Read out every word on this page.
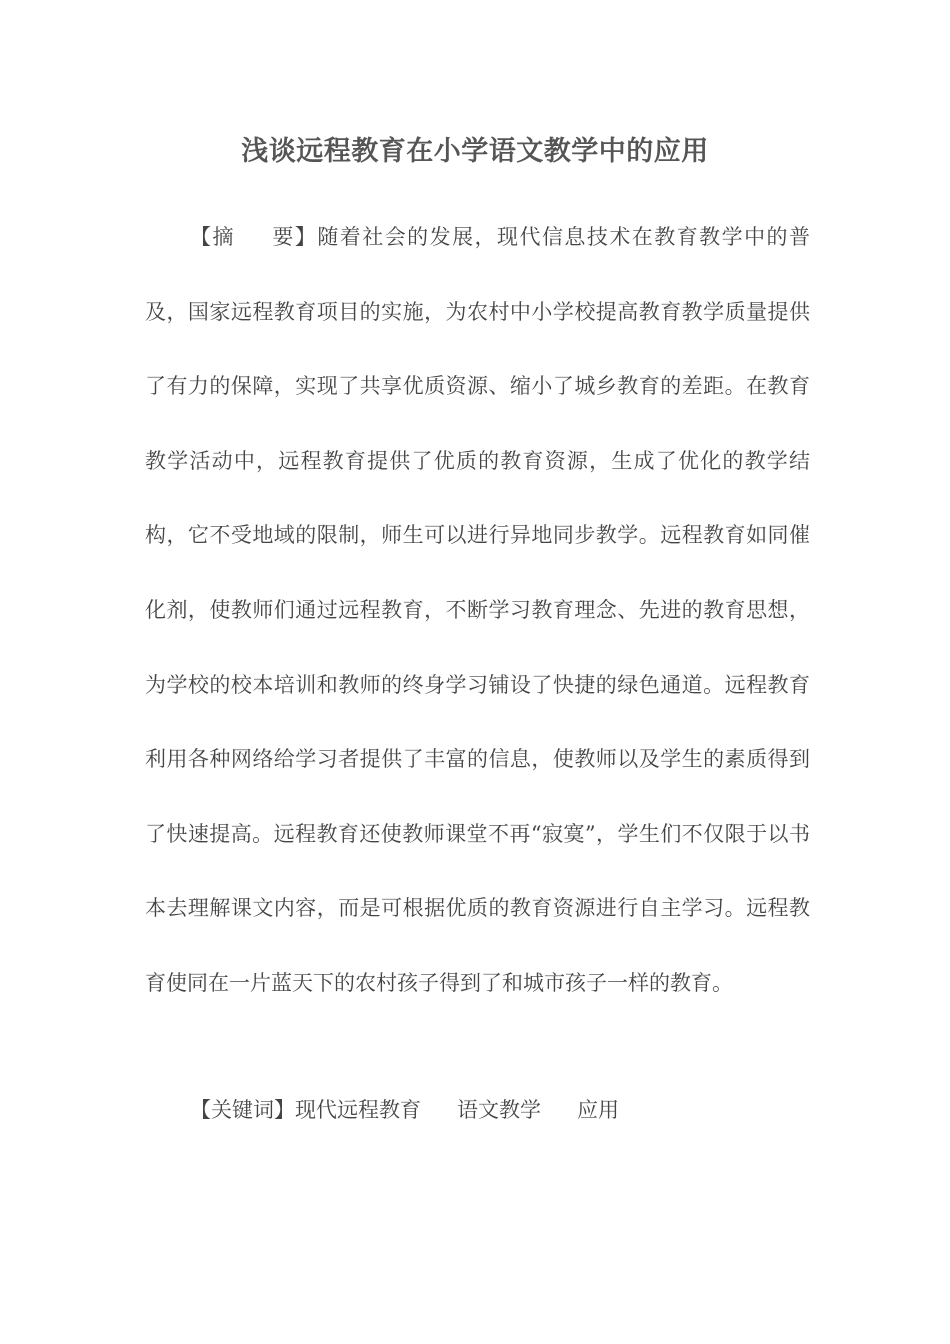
浅谈远程教育在小学语文教学中的应用
【摘 要】随着社会的发展，现代信息技术在教育教学中的普及，国家远程教育项目的实施，为农村中小学校提高教育教学质量提供了有力的保障，实现了共享优质资源、缩小了城乡教育的差距。在教育教学活动中，远程教育提供了优质的教育资源，生成了优化的教学结构，它不受地域的限制，师生可以进行异地同步教学。远程教育如同催化剂，使教师们通过远程教育，不断学习教育理念、先进的教育思想，为学校的校本培训和教师的终身学习铺设了快捷的绿色通道。远程教育利用各种网络给学习者提供了丰富的信息，使教师以及学生的素质得到了快速提高。远程教育还使教师课堂不再“寂寞”，学生们不仅限于以书本去理解课文内容，而是可根据优质的教育资源进行自主学习。远程教育使同在一片蓝天下的农村孩子得到了和城市孩子一样的教育。
【关键词】现代远程教育 语文教学 应用
